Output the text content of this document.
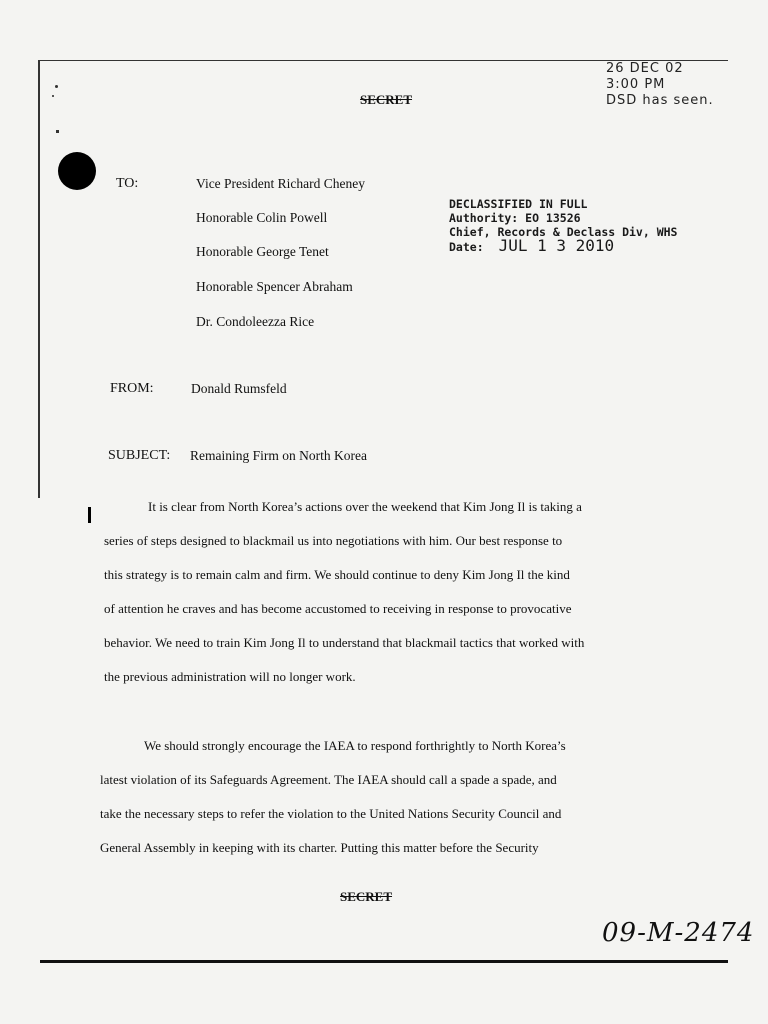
26 DEC 02
3:00 PM
DSD has seen.
SECRET
TO:	Vice President Richard Cheney
Honorable Colin Powell
Honorable George Tenet
Honorable Spencer Abraham
Dr. Condoleezza Rice
DECLASSIFIED IN FULL
Authority: EO 13526
Chief, Records & Declass Div, WHS
Date: JUL 1 3 2010
FROM:	Donald Rumsfeld
SUBJECT: Remaining Firm on North Korea
It is clear from North Korea’s actions over the weekend that Kim Jong Il is taking a
series of steps designed to blackmail us into negotiations with him. Our best response to
this strategy is to remain calm and firm. We should continue to deny Kim Jong Il the kind
of attention he craves and has become accustomed to receiving in response to provocative
behavior. We need to train Kim Jong Il to understand that blackmail tactics that worked with
the previous administration will no longer work.
We should strongly encourage the IAEA to respond forthrightly to North Korea’s
latest violation of its Safeguards Agreement. The IAEA should call a spade a spade, and
take the necessary steps to refer the violation to the United Nations Security Council and
General Assembly in keeping with its charter. Putting this matter before the Security
SECRET
09-M-2474
